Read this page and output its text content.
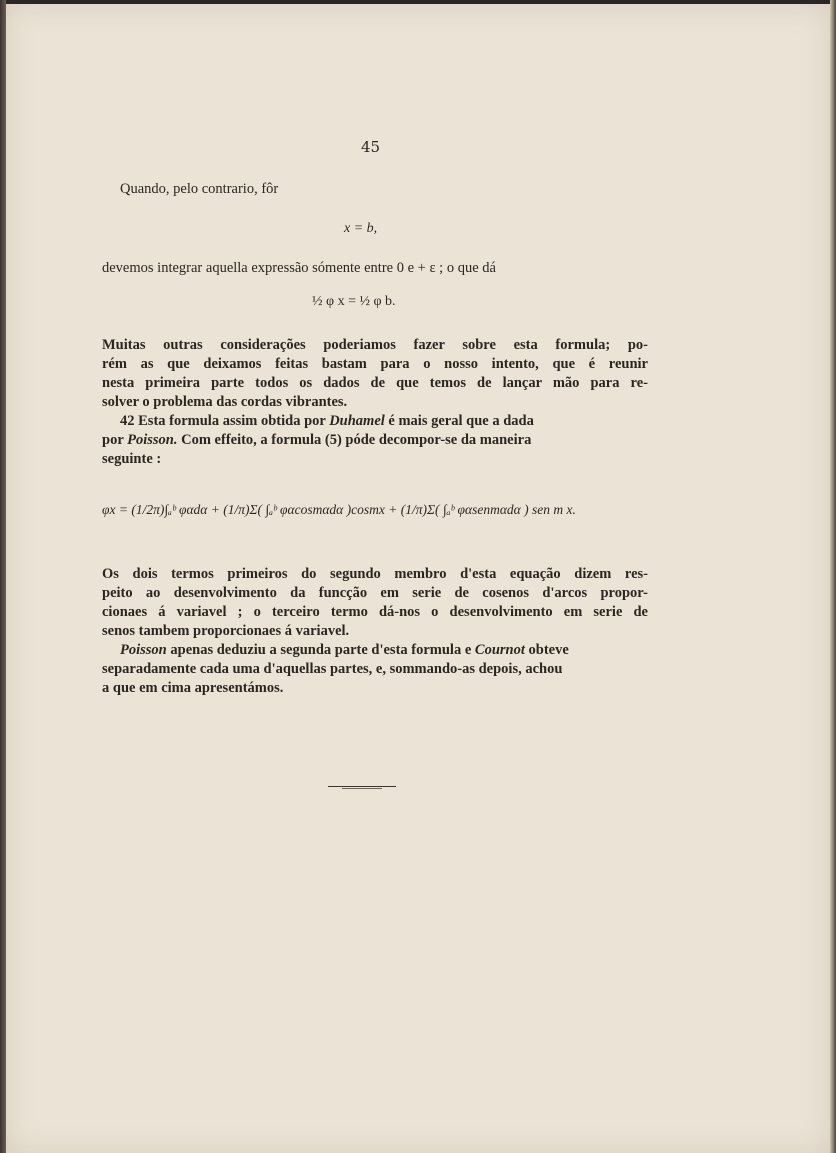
45
Quando, pelo contrario, fôr
x = b,
devemos integrar aquella expressão sómente entre 0 e + ε ; o que dá
½ φ x = ½ φ b.
Muitas outras considerações poderiamos fazer sobre esta formula; po-
rém as que deixamos feitas bastam para o nosso intento, que é reunir
nesta primeira parte todos os dados de que temos de lançar mão para re-
solver o problema das cordas vibrantes.
42 Esta formula assim obtida por Duhamel é mais geral que a dada
por Poisson. Com effeito, a formula (5) póde decompor-se da maneira
seguinte :
φx = (1/2π)∫ₐᵇ φαdα + (1/π)Σ( ∫ₐᵇ φαcosmαdα )cosmx + (1/π)Σ( ∫ₐᵇ φαsenmαdα ) sen m x.
Os dois termos primeiros do segundo membro d'esta equação dizem res-
peito ao desenvolvimento da funcção em serie de cosenos d'arcos propor-
cionaes á variavel ; o terceiro termo dá-nos o desenvolvimento em serie de
senos tambem proporcionaes á variavel.
Poisson apenas deduziu a segunda parte d'esta formula e Cournot obteve
separadamente cada uma d'aquellas partes, e, sommando-as depois, achou
a que em cima apresentámos.
